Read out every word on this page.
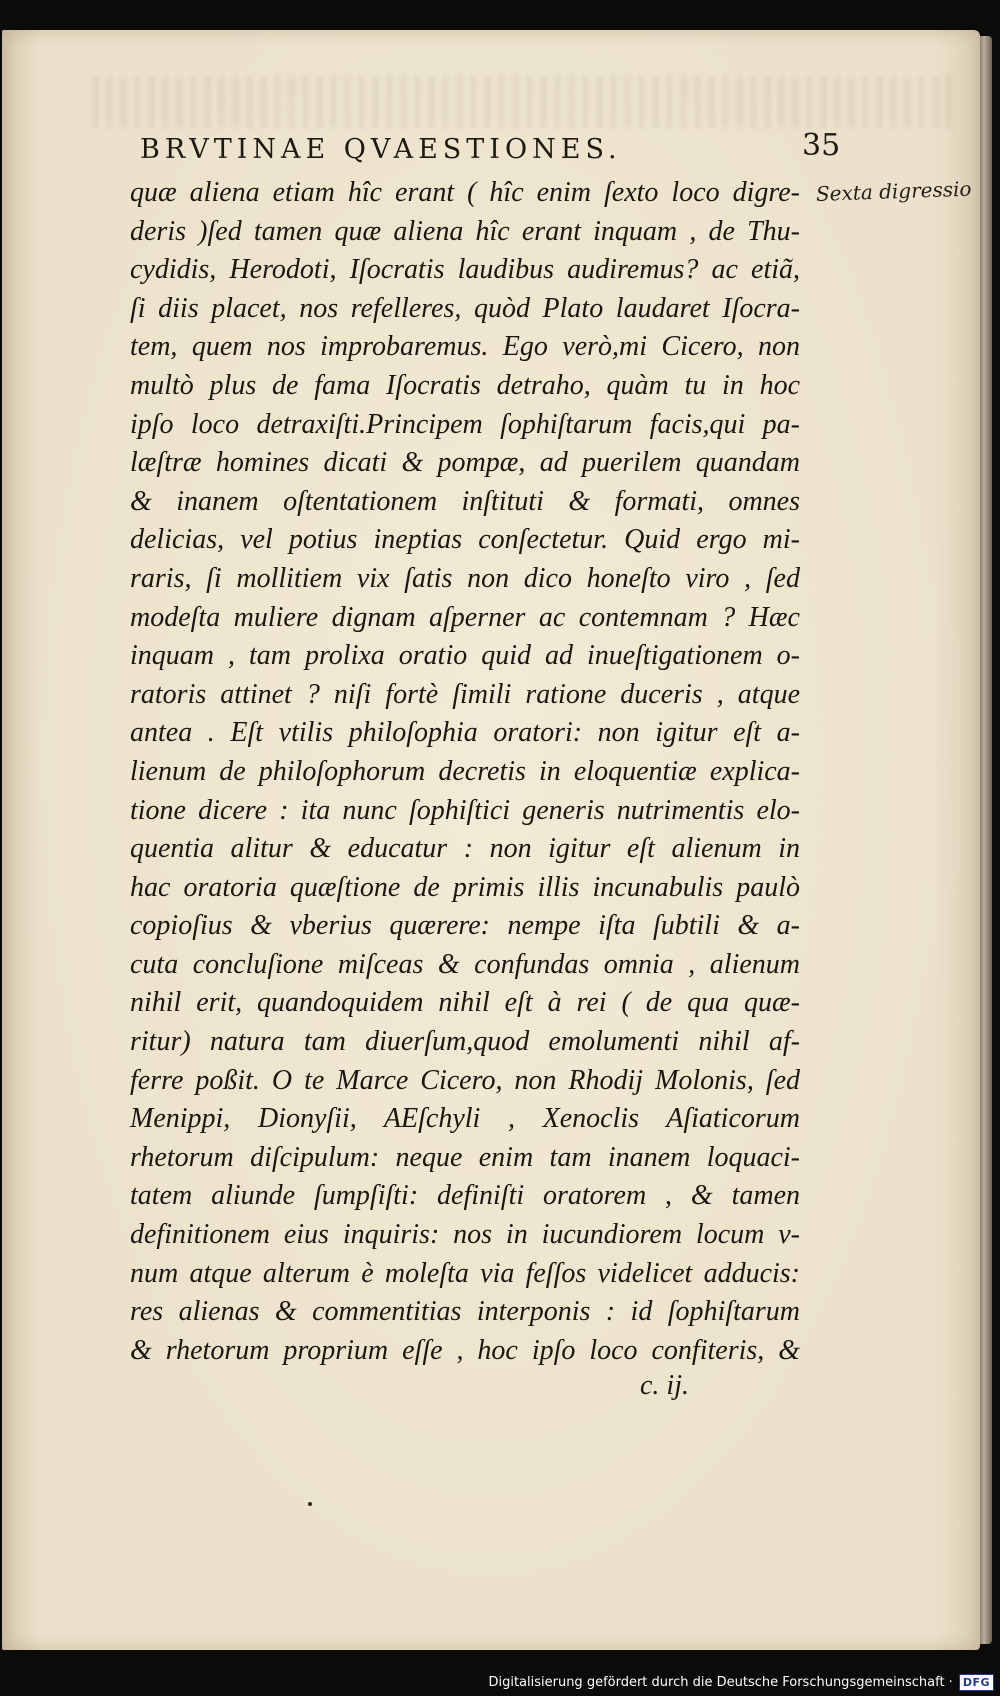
BRVTINAE QVAESTIONES.	35
Sexta digressio
quæ aliena etiam hîc erant ( hîc enim ſexto loco digre-
deris )ſed tamen quæ aliena hîc erant inquam , de Thu-
cydidis, Herodoti, Iſocratis laudibus audiremus? ac etiã,
ſi diis placet, nos refelleres, quòd Plato laudaret Iſocra-
tem, quem nos improbaremus. Ego verò,mi Cicero, non
multò plus de fama Iſocratis detraho, quàm tu in hoc
ipſo loco detraxiſti.Principem ſophiſtarum facis,qui pa-
læſtræ homines dicati & pompæ, ad puerilem quandam
& inanem oſtentationem inſtituti & formati, omnes
delicias, vel potius ineptias conſectetur. Quid ergo mi-
raris, ſi mollitiem vix ſatis non dico honeſto viro , ſed
modeſta muliere dignam aſperner ac contemnam ? Hæc
inquam , tam prolixa oratio quid ad inueſtigationem o-
ratoris attinet ? niſi fortè ſimili ratione duceris , atque
antea . Eſt vtilis philoſophia oratori: non igitur eſt a-
lienum de philoſophorum decretis in eloquentiæ explica-
tione dicere : ita nunc ſophiſtici generis nutrimentis elo-
quentia alitur & educatur : non igitur eſt alienum in
hac oratoria quæſtione de primis illis incunabulis paulò
copioſius & vberius quærere: nempe iſta ſubtili & a-
cuta concluſione miſceas & confundas omnia , alienum
nihil erit, quandoquidem nihil eſt à rei ( de qua quæ-
ritur) natura tam diuerſum,quod emolumenti nihil af-
ferre poßit. O te Marce Cicero, non Rhodij Molonis, ſed
Menippi, Dionyſii, AEſchyli , Xenoclis Aſiaticorum
rhetorum diſcipulum: neque enim tam inanem loquaci-
tatem aliunde ſumpſiſti: definiſti oratorem , & tamen
definitionem eius inquiris: nos in iucundiorem locum v-
num atque alterum è moleſta via feſſos videlicet adducis:
res alienas & commentitias interponis : id ſophiſtarum
& rhetorum proprium eſſe , hoc ipſo loco confiteris, &
c. ij.
Digitalisierung gefördert durch die Deutsche Forschungsgemeinschaft · DFG
